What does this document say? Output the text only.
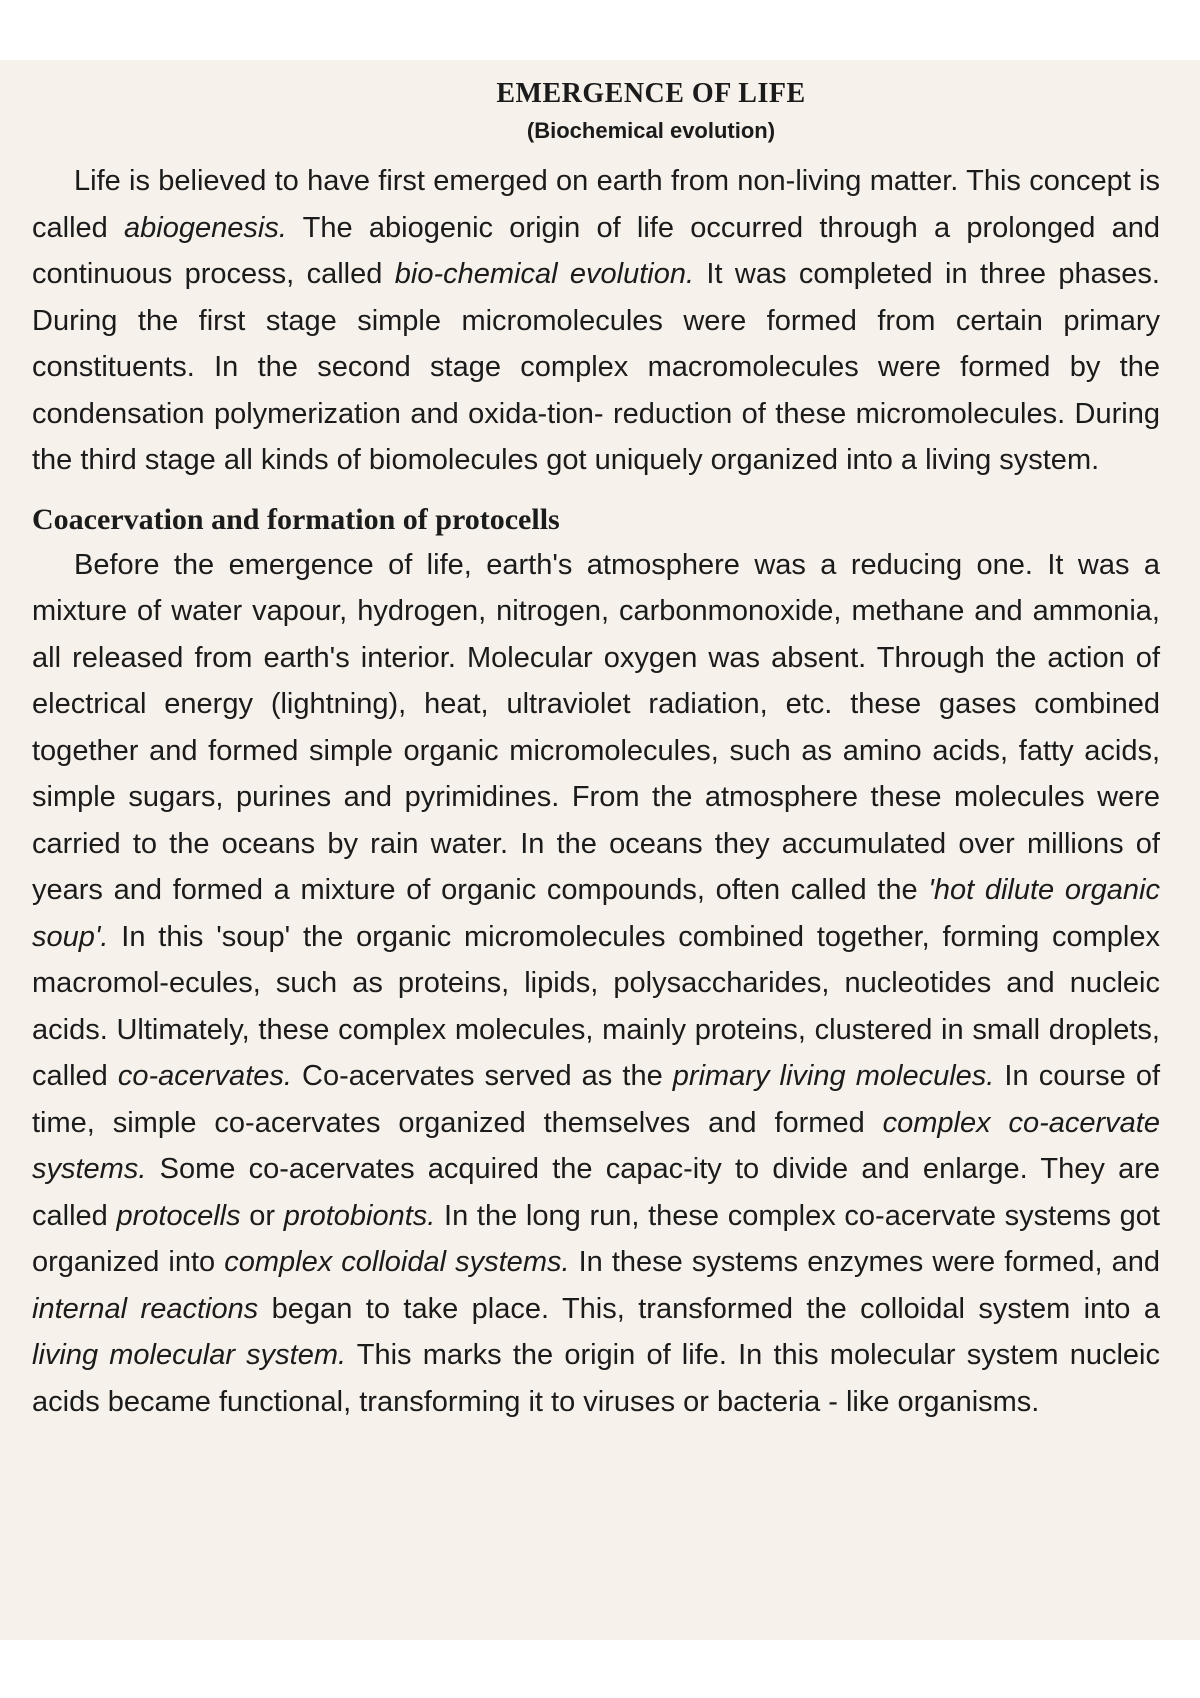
EMERGENCE OF LIFE
(Biochemical evolution)

Life is believed to have first emerged on earth from non-living matter. This concept is called abiogenesis. The abiogenic origin of life occurred through a prolonged and continuous process, called bio-chemical evolution. It was completed in three phases. During the first stage simple micromolecules were formed from certain primary constituents. In the second stage complex macromolecules were formed by the condensation polymerization and oxida-tion- reduction of these micromolecules. During the third stage all kinds of biomolecules got uniquely organized into a living system.

Coacervation and formation of protocells

Before the emergence of life, earth's atmosphere was a reducing one. It was a mixture of water vapour, hydrogen, nitrogen, carbonmonoxide, methane and ammonia, all released from earth's interior. Molecular oxygen was absent. Through the action of electrical energy (lightning), heat, ultraviolet radiation, etc. these gases combined together and formed simple organic micromolecules, such as amino acids, fatty acids, simple sugars, purines and pyrimidines. From the atmosphere these molecules were carried to the oceans by rain water. In the oceans they accumulated over millions of years and formed a mixture of organic compounds, often called the 'hot dilute organic soup'. In this 'soup' the organic micromolecules combined together, forming complex macromol-ecules, such as proteins, lipids, polysaccharides, nucleotides and nucleic acids. Ultimately, these complex molecules, mainly proteins, clustered in small droplets, called co-acervates. Co-acervates served as the primary living molecules. In course of time, simple co-acervates organized themselves and formed complex co-acervate systems. Some co-acervates acquired the capac-ity to divide and enlarge. They are called protocells or protobionts. In the long run, these complex co-acervate systems got organized into complex colloidal systems. In these systems enzymes were formed, and internal reactions began to take place. This, transformed the colloidal system into a living molecular system. This marks the origin of life. In this molecular system nucleic acids became functional, transforming it to viruses or bacteria - like organisms.
